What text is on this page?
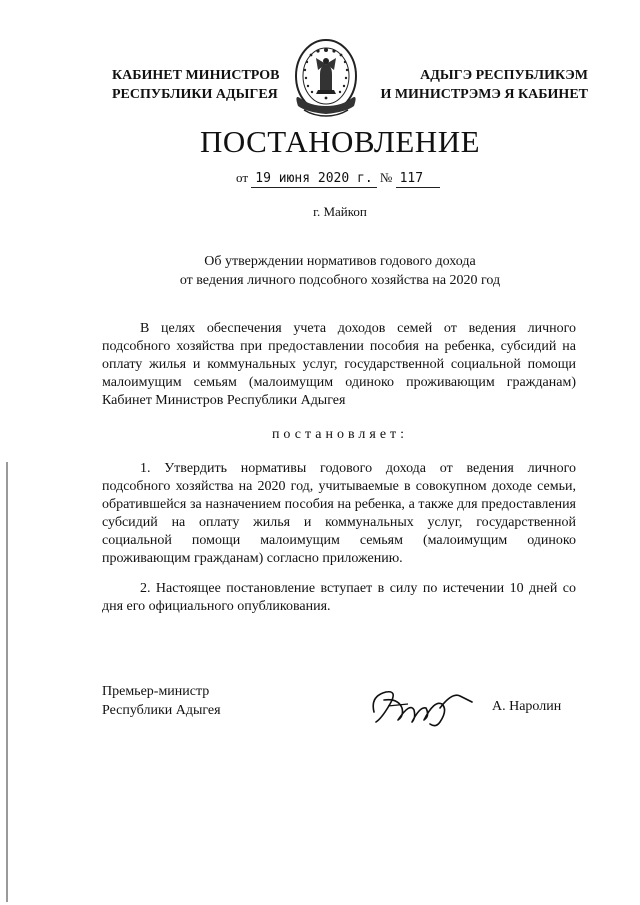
КАБИНЕТ МИНИСТРОВ
РЕСПУБЛИКИ АДЫГЕЯ
АДЫГЭ РЕСПУБЛИКЭМ
И МИНИСТРЭМЭ Я КАБИНЕТ
ПОСТАНОВЛЕНИЕ
от 19 июня 2020 г. № 117
г. Майкоп
Об утверждении нормативов годового дохода
от ведения личного подсобного хозяйства на 2020 год
В целях обеспечения учета доходов семей от ведения личного подсобного хозяйства при предоставлении пособия на ребенка, субсидий на оплату жилья и коммунальных услуг, государственной социальной помощи малоимущим семьям (малоимущим одиноко проживающим гражданам) Кабинет Министров Республики Адыгея
постановляет:
1. Утвердить нормативы годового дохода от ведения личного подсобного хозяйства на 2020 год, учитываемые в совокупном доходе семьи, обратившейся за назначением пособия на ребенка, а также для предоставления субсидий на оплату жилья и коммунальных услуг, государственной социальной помощи малоимущим семьям (малоимущим одиноко проживающим гражданам) согласно приложению.
2. Настоящее постановление вступает в силу по истечении 10 дней со дня его официального опубликования.
Премьер-министр
Республики Адыгея	А. Наролин
